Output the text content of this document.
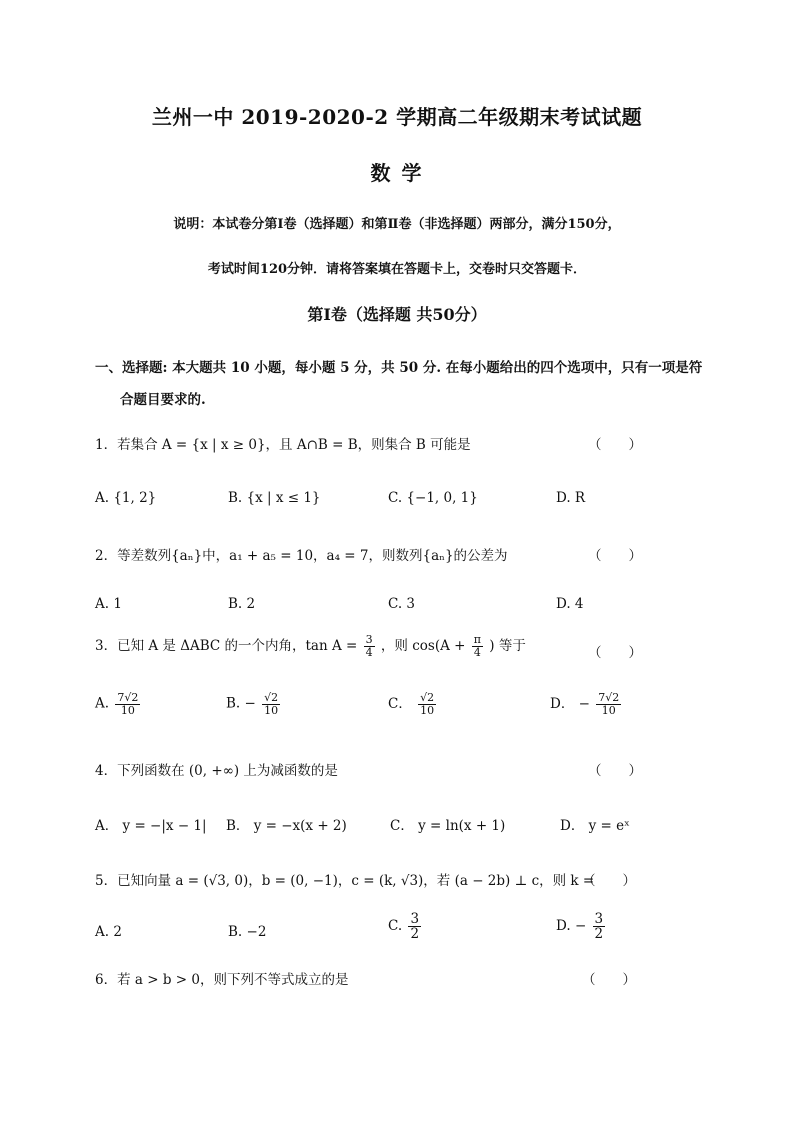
兰州一中 2019-2020-2 学期高二年级期末考试试题
数 学
说明：本试卷分第Ⅰ卷（选择题）和第Ⅱ卷（非选择题）两部分，满分150分，
考试时间120分钟．请将答案填在答题卡上，交卷时只交答题卡．
第Ⅰ卷（选择题 共50分）
一、选择题: 本大题共 10 小题，每小题 5 分，共 50 分. 在每小题给出的四个选项中，只有一项是符
合题目要求的.
1．若集合 A = {x | x ≥ 0}，且 A∩B = B，则集合 B 可能是	（　　）
A. {1, 2}	B. {x | x ≤ 1}	C. {−1, 0, 1}	D. R
2．等差数列{aₙ}中，a₁ + a₅ = 10，a₄ = 7，则数列{aₙ}的公差为	（　　）
A. 1	B. 2	C. 3	D. 4
3．已知 A 是 ΔABC 的一个内角，$\tan A = \frac{3}{4}$ ，则 $\cos(A + \frac{\pi}{4}$ ) 等于	（　　）
A. $\frac{7√2}{10}$	B. − $\frac{√2}{10}$	C． $\frac{√2}{10}$	D． − $\frac{7√2}{10}$
4．下列函数在 (0, +∞) 上为减函数的是	（　　）
A． y = −|x − 1| B． y = −x(x + 2)	C． y = ln(x + 1)	D． y = eˣ
5．已知向量 a = (√3, 0)，b = (0, −1)，c = (k, √3)，若 (a − 2b) ⊥ c，则 k =
（　　）
A. 2	B. −2	C. $\frac{3}{2}$	D. − $\frac{3}{2}$
6．若 a > b > 0，则下列不等式成立的是	（　　）
